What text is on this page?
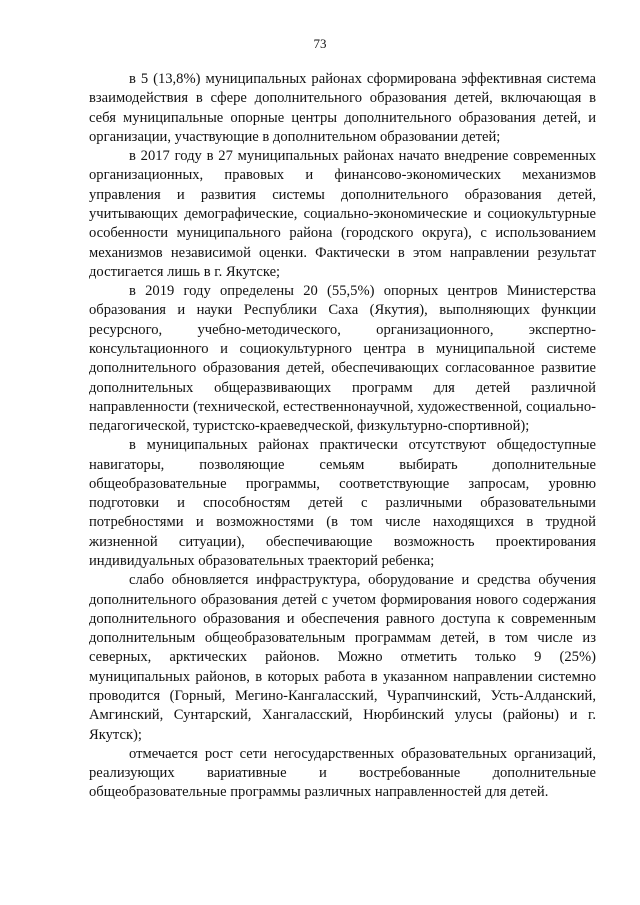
73

в 5 (13,8%) муниципальных районах сформирована эффективная система взаимодействия в сфере дополнительного образования детей, включающая в себя муниципальные опорные центры дополнительного образования детей, и организации, участвующие в дополнительном образовании детей;

в 2017 году в 27 муниципальных районах начато внедрение современных организационных, правовых и финансово-экономических механизмов управления и развития системы дополнительного образования детей, учитывающих демографические, социально-экономические и социокультурные особенности муниципального района (городского округа), с использованием механизмов независимой оценки. Фактически в этом направлении результат достигается лишь в г. Якутске;

в 2019 году определены 20 (55,5%) опорных центров Министерства образования и науки Республики Саха (Якутия), выполняющих функции ресурсного, учебно-методического, организационного, экспертно-консультационного и социокультурного центра в муниципальной системе дополнительного образования детей, обеспечивающих согласованное развитие дополнительных общеразвивающих программ для детей различной направленности (технической, естественнонаучной, художественной, социально-педагогической, туристско-краеведческой, физкультурно-спортивной);

в муниципальных районах практически отсутствуют общедоступные навигаторы, позволяющие семьям выбирать дополнительные общеобразовательные программы, соответствующие запросам, уровню подготовки и способностям детей с различными образовательными потребностями и возможностями (в том числе находящихся в трудной жизненной ситуации), обеспечивающие возможность проектирования индивидуальных образовательных траекторий ребенка;

слабо обновляется инфраструктура, оборудование и средства обучения дополнительного образования детей с учетом формирования нового содержания дополнительного образования и обеспечения равного доступа к современным дополнительным общеобразовательным программам детей, в том числе из северных, арктических районов. Можно отметить только 9 (25%) муниципальных районов, в которых работа в указанном направлении системно проводится (Горный, Мегино-Кангаласский, Чурапчинский, Усть-Алданский, Амгинский, Сунтарский, Хангаласский, Нюрбинский улусы (районы) и г. Якутск);

отмечается рост сети негосударственных образовательных организаций, реализующих вариативные и востребованные дополнительные общеобразовательные программы различных направленностей для детей.
